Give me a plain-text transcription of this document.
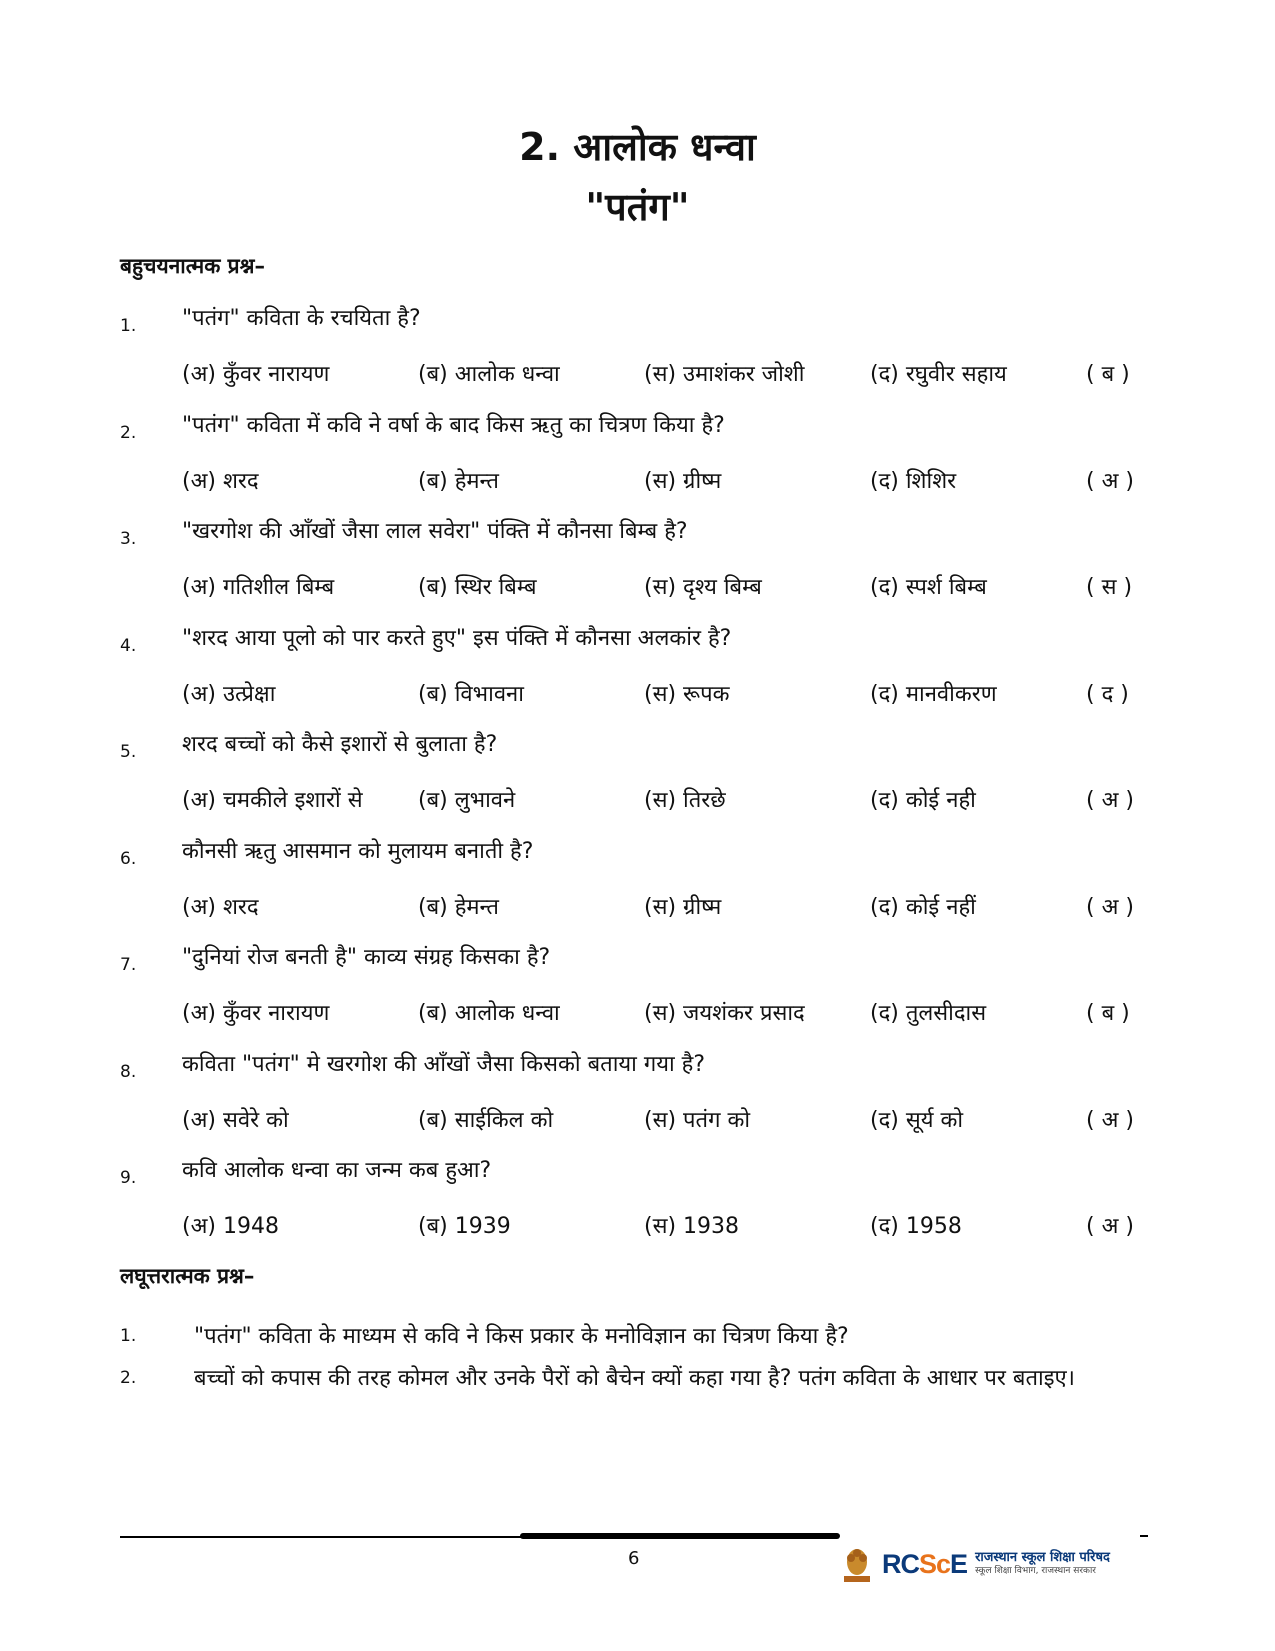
2. आलोक धन्वा
"पतंग"
बहुचयनात्मक प्रश्न–
1. "पतंग" कविता के रचयिता है?
(अ) कुँवर नारायण	(ब) आलोक धन्वा	(स) उमाशंकर जोशी	(द) रघुवीर सहाय	( ब )
2. "पतंग" कविता में कवि ने वर्षा के बाद किस ऋतु का चित्रण किया है?
(अ) शरद	(ब) हेमन्त	(स) ग्रीष्म	(द) शिशिर	( अ )
3. "खरगोश की आँखों जैसा लाल सवेरा" पंक्ति में कौनसा बिम्ब है?
(अ) गतिशील बिम्ब	(ब) स्थिर बिम्ब	(स) दृश्य बिम्ब	(द) स्पर्श बिम्ब	( स )
4. "शरद आया पूलो को पार करते हुए" इस पंक्ति में कौनसा अलकांर है?
(अ) उत्प्रेक्षा	(ब) विभावना	(स) रूपक	(द) मानवीकरण	( द )
5. शरद बच्चों को कैसे इशारों से बुलाता है?
(अ) चमकीले इशारों से	(ब) लुभावने	(स) तिरछे	(द) कोई नही	( अ )
6. कौनसी ऋतु आसमान को मुलायम बनाती है?
(अ) शरद	(ब) हेमन्त	(स) ग्रीष्म	(द) कोई नहीं	( अ )
7. "दुनियां रोज बनती है" काव्य संग्रह किसका है?
(अ) कुँवर नारायण	(ब) आलोक धन्वा	(स) जयशंकर प्रसाद	(द) तुलसीदास	( ब )
8. कविता "पतंग" मे खरगोश की आँखों जैसा किसको बताया गया है?
(अ) सवेरे को	(ब) साईकिल को	(स) पतंग को	(द) सूर्य को	( अ )
9. कवि आलोक धन्वा का जन्म कब हुआ?
(अ) 1948	(ब) 1939	(स) 1938	(द) 1958	( अ )
लघूत्तरात्मक प्रश्न–
1.	"पतंग" कविता के माध्यम से कवि ने किस प्रकार के मनोविज्ञान का चित्रण किया है?
2.	बच्चों को कपास की तरह कोमल और उनके पैरों को बैचेन क्यों कहा गया है? पतंग कविता के आधार पर बताइए।
6	RCScE राजस्थान स्कूल शिक्षा परिषद
स्कूल शिक्षा विभाग, राजस्थान सरकार
